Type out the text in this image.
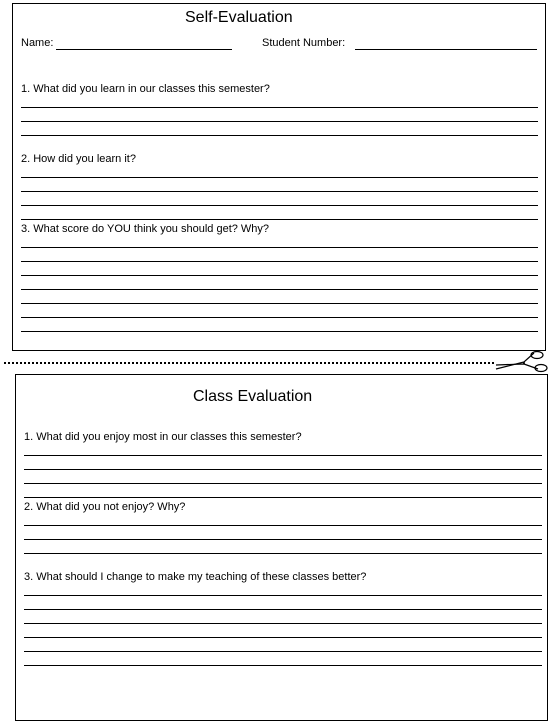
Self-Evaluation
Name:	Student Number:
1. What did you learn in our classes this semester?
2. How did you learn it?
3. What score do YOU think you should get? Why?
Class Evaluation
1. What did you enjoy most in our classes this semester?
2. What did you not enjoy? Why?
3. What should I change to make my teaching of these classes better?
